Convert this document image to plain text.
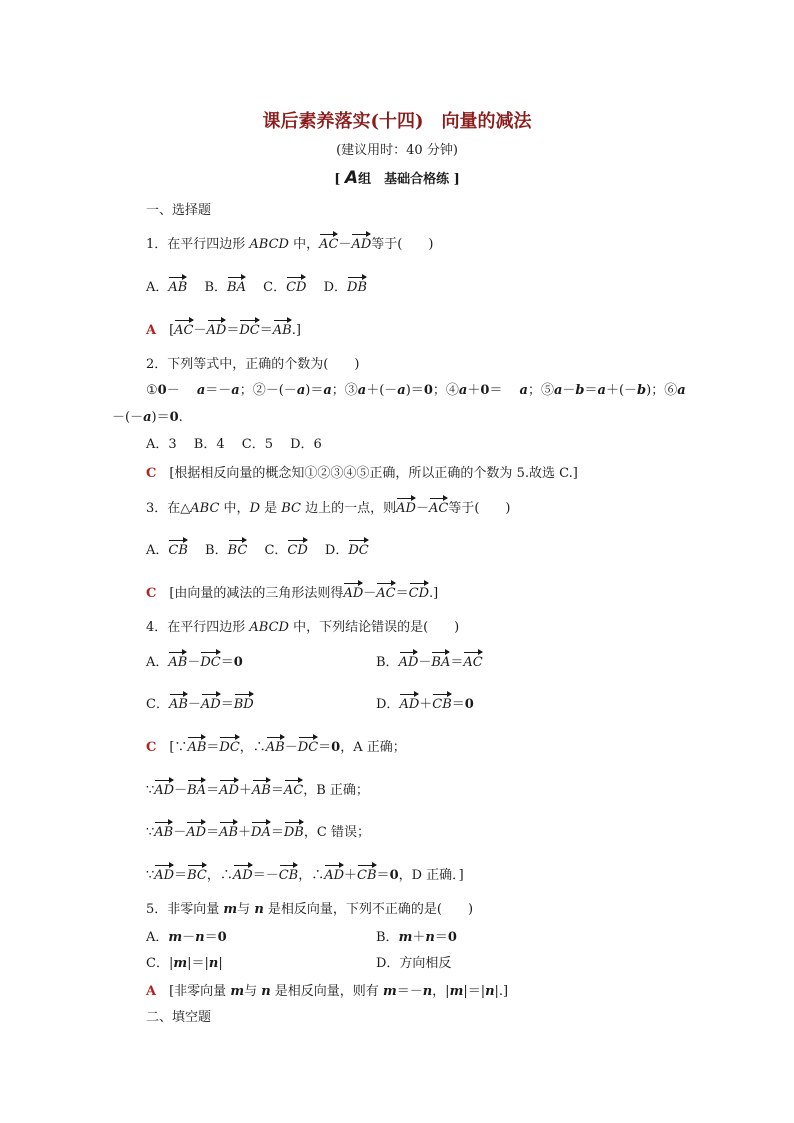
课后素养落实(十四)　向量的减法
(建议用时：40 分钟)
[ A组　基础合格练 ]
一、选择题
1．在平行四边形 ABCD 中，AC－AD等于(　　)
A．AB　 B．BA　 C．CD　 D．DB
A　[AC－AD＝DC＝AB.]
2．下列等式中，正确的个数为(　　)
①0－　 a＝－a；②－(－a)＝a；③a＋(－a)＝0；④a＋0＝　 a；⑤a－b＝a＋(－b)；⑥a
－(－a)＝0.
A．3　 B．4　 C．5　 D．6
C　[根据相反向量的概念知①②③④⑤正确，所以正确的个数为 5.故选 C.]
3．在△ABC 中，D 是 BC 边上的一点，则AD－AC等于(　　)
A．CB　 B．BC　 C．CD　 D．DC
C　[由向量的减法的三角形法则得AD－AC＝CD.]
4．在平行四边形 ABCD 中，下列结论错误的是(　　)
A．AB－DC＝0	B．AD－BA＝AC
C．AB－AD＝BD	D．AD＋CB＝0
C　[∵AB＝DC，∴AB－DC＝0，A 正确；
∵AD－BA＝AD＋AB＝AC，B 正确；
∵AB－AD＝AB＋DA＝DB，C 错误；
∵AD＝BC，∴AD＝－CB，∴AD＋CB＝0，D 正确．]
5．非零向量 m与 n 是相反向量，下列不正确的是(　　)
A．m－n＝0	B．m＋n＝0
C．|m|＝|n|	D．方向相反
A　[非零向量 m与 n 是相反向量，则有 m＝－n，|m|＝|n|.]
二、填空题
